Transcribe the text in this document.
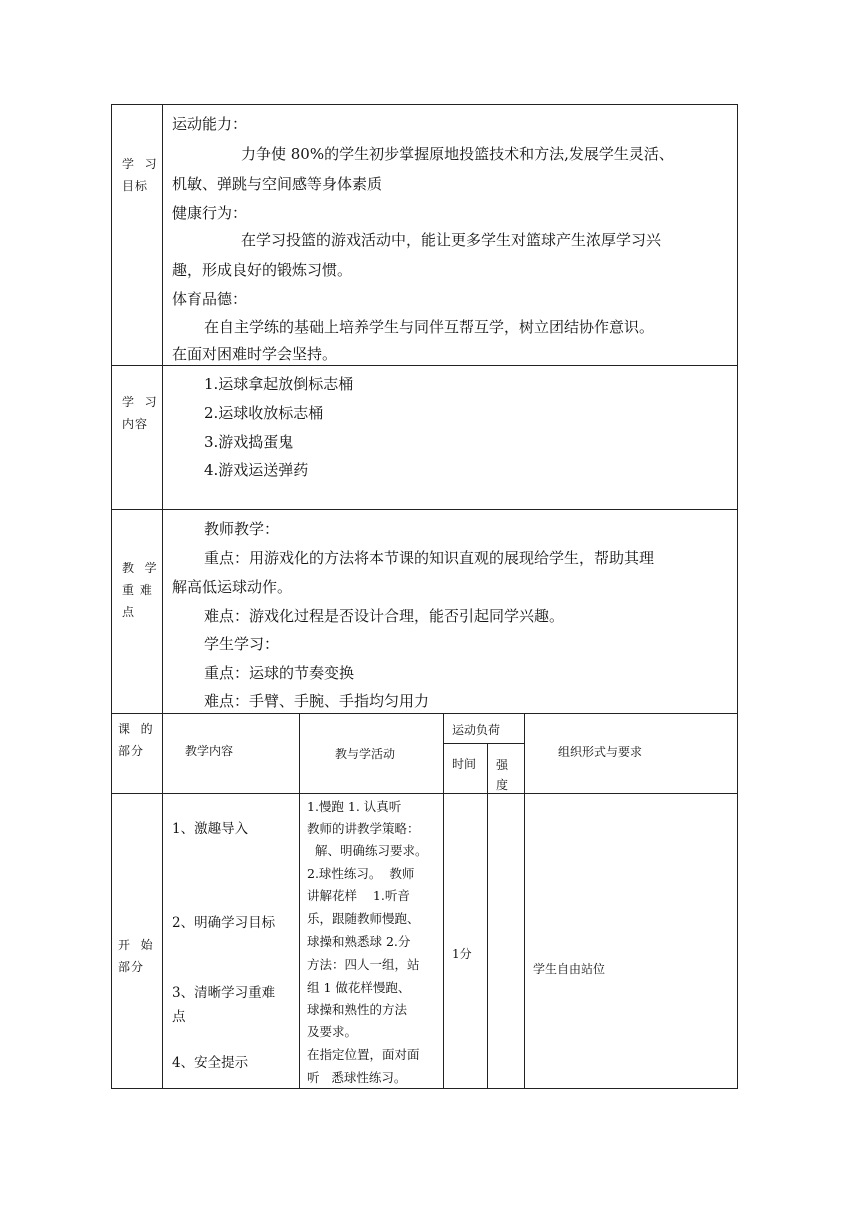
学  习
目标
运动能力：
力争使 80%的学生初步掌握原地投篮技术和方法,发展学生灵活、
机敏、弹跳与空间感等身体素质
健康行为：
在学习投篮的游戏活动中，能让更多学生对篮球产生浓厚学习兴
趣，形成良好的锻炼习惯。
体育品德：
在自主学练的基础上培养学生与同伴互帮互学，树立团结协作意识。
在面对困难时学会坚持。
学  习
内容
1.运球拿起放倒标志桶
2.运球收放标志桶
3.游戏捣蛋鬼
4.游戏运送弹药
教  学
重 难
点
教师教学：
重点：用游戏化的方法将本节课的知识直观的展现给学生，帮助其理
解高低运球动作。
难点：游戏化过程是否设计合理，能否引起同学兴趣。
学生学习：
重点：运球的节奏变换
难点：手臂、手腕、手指均匀用力
课  的
部分	教学内容	教与学活动
运动负荷
时间 强
度
组织形式与要求
开  始
部分
1、激趣导入
2、明确学习目标
3、清晰学习重难
点
4、安全提示
1.慢跑 1. 认真听
教师的讲教学策略：
解、明确练习要求。
2.球性练习。  教师
讲解花样    1.听音
乐，跟随教师慢跑、
球操和熟悉球 2.分
方法：四人一组，站
组 1 做花样慢跑、
球操和熟性的方法
及要求。
在指定位置，面对面
听   悉球性练习。
1分
学生自由站位
